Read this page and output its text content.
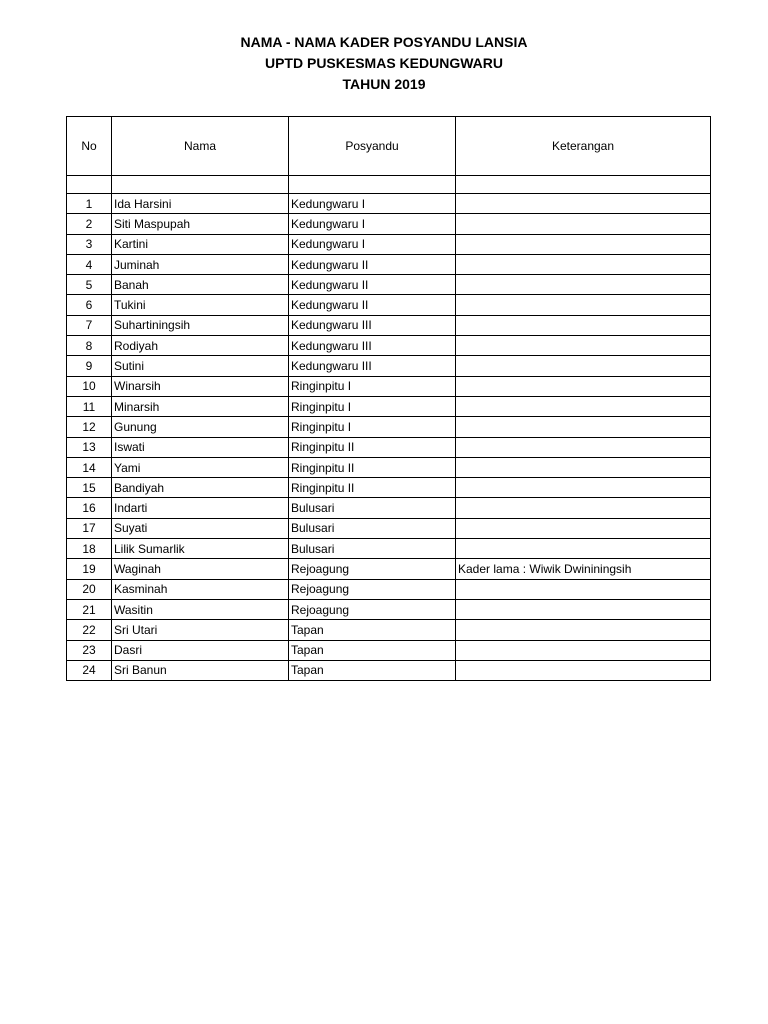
NAMA - NAMA KADER POSYANDU LANSIA
UPTD PUSKESMAS KEDUNGWARU
TAHUN 2019
No	Nama	Posyandu	Keterangan

1	Ida Harsini	Kedungwaru I	
2	Siti Maspupah	Kedungwaru I	
3	Kartini	Kedungwaru I	
4	Juminah	Kedungwaru II	
5	Banah	Kedungwaru II	
6	Tukini	Kedungwaru II	
7	Suhartiningsih	Kedungwaru III	
8	Rodiyah	Kedungwaru III	
9	Sutini	Kedungwaru III	
10	Winarsih	Ringinpitu I	
11	Minarsih	Ringinpitu I	
12	Gunung	Ringinpitu I	
13	Iswati	Ringinpitu II	
14	Yami	Ringinpitu II	
15	Bandiyah	Ringinpitu II	
16	Indarti	Bulusari	
17	Suyati	Bulusari	
18	Lilik Sumarlik	Bulusari	
19	Waginah	Rejoagung	Kader lama : Wiwik Dwininingsih
20	Kasminah	Rejoagung	
21	Wasitin	Rejoagung	
22	Sri Utari	Tapan	
23	Dasri	Tapan	
24	Sri Banun	Tapan	
